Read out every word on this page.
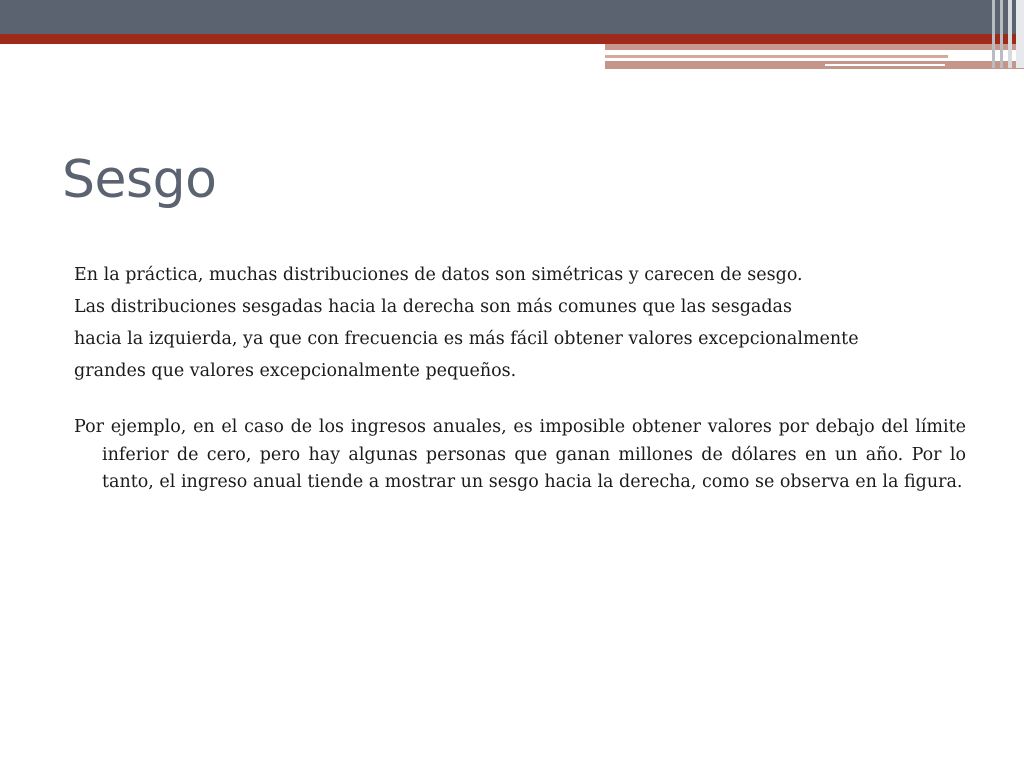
Sesgo
En la práctica, muchas distribuciones de datos son simétricas y carecen de sesgo.
Las distribuciones sesgadas hacia la derecha son más comunes que las sesgadas
hacia la izquierda, ya que con frecuencia es más fácil obtener valores excepcionalmente
grandes que valores excepcionalmente pequeños.
Por ejemplo, en el caso de los ingresos anuales, es imposible obtener valores por debajo del límite inferior de cero, pero hay algunas personas que ganan millones de dólares en un año. Por lo tanto, el ingreso anual tiende a mostrar un sesgo hacia la derecha, como se observa en la figura.
